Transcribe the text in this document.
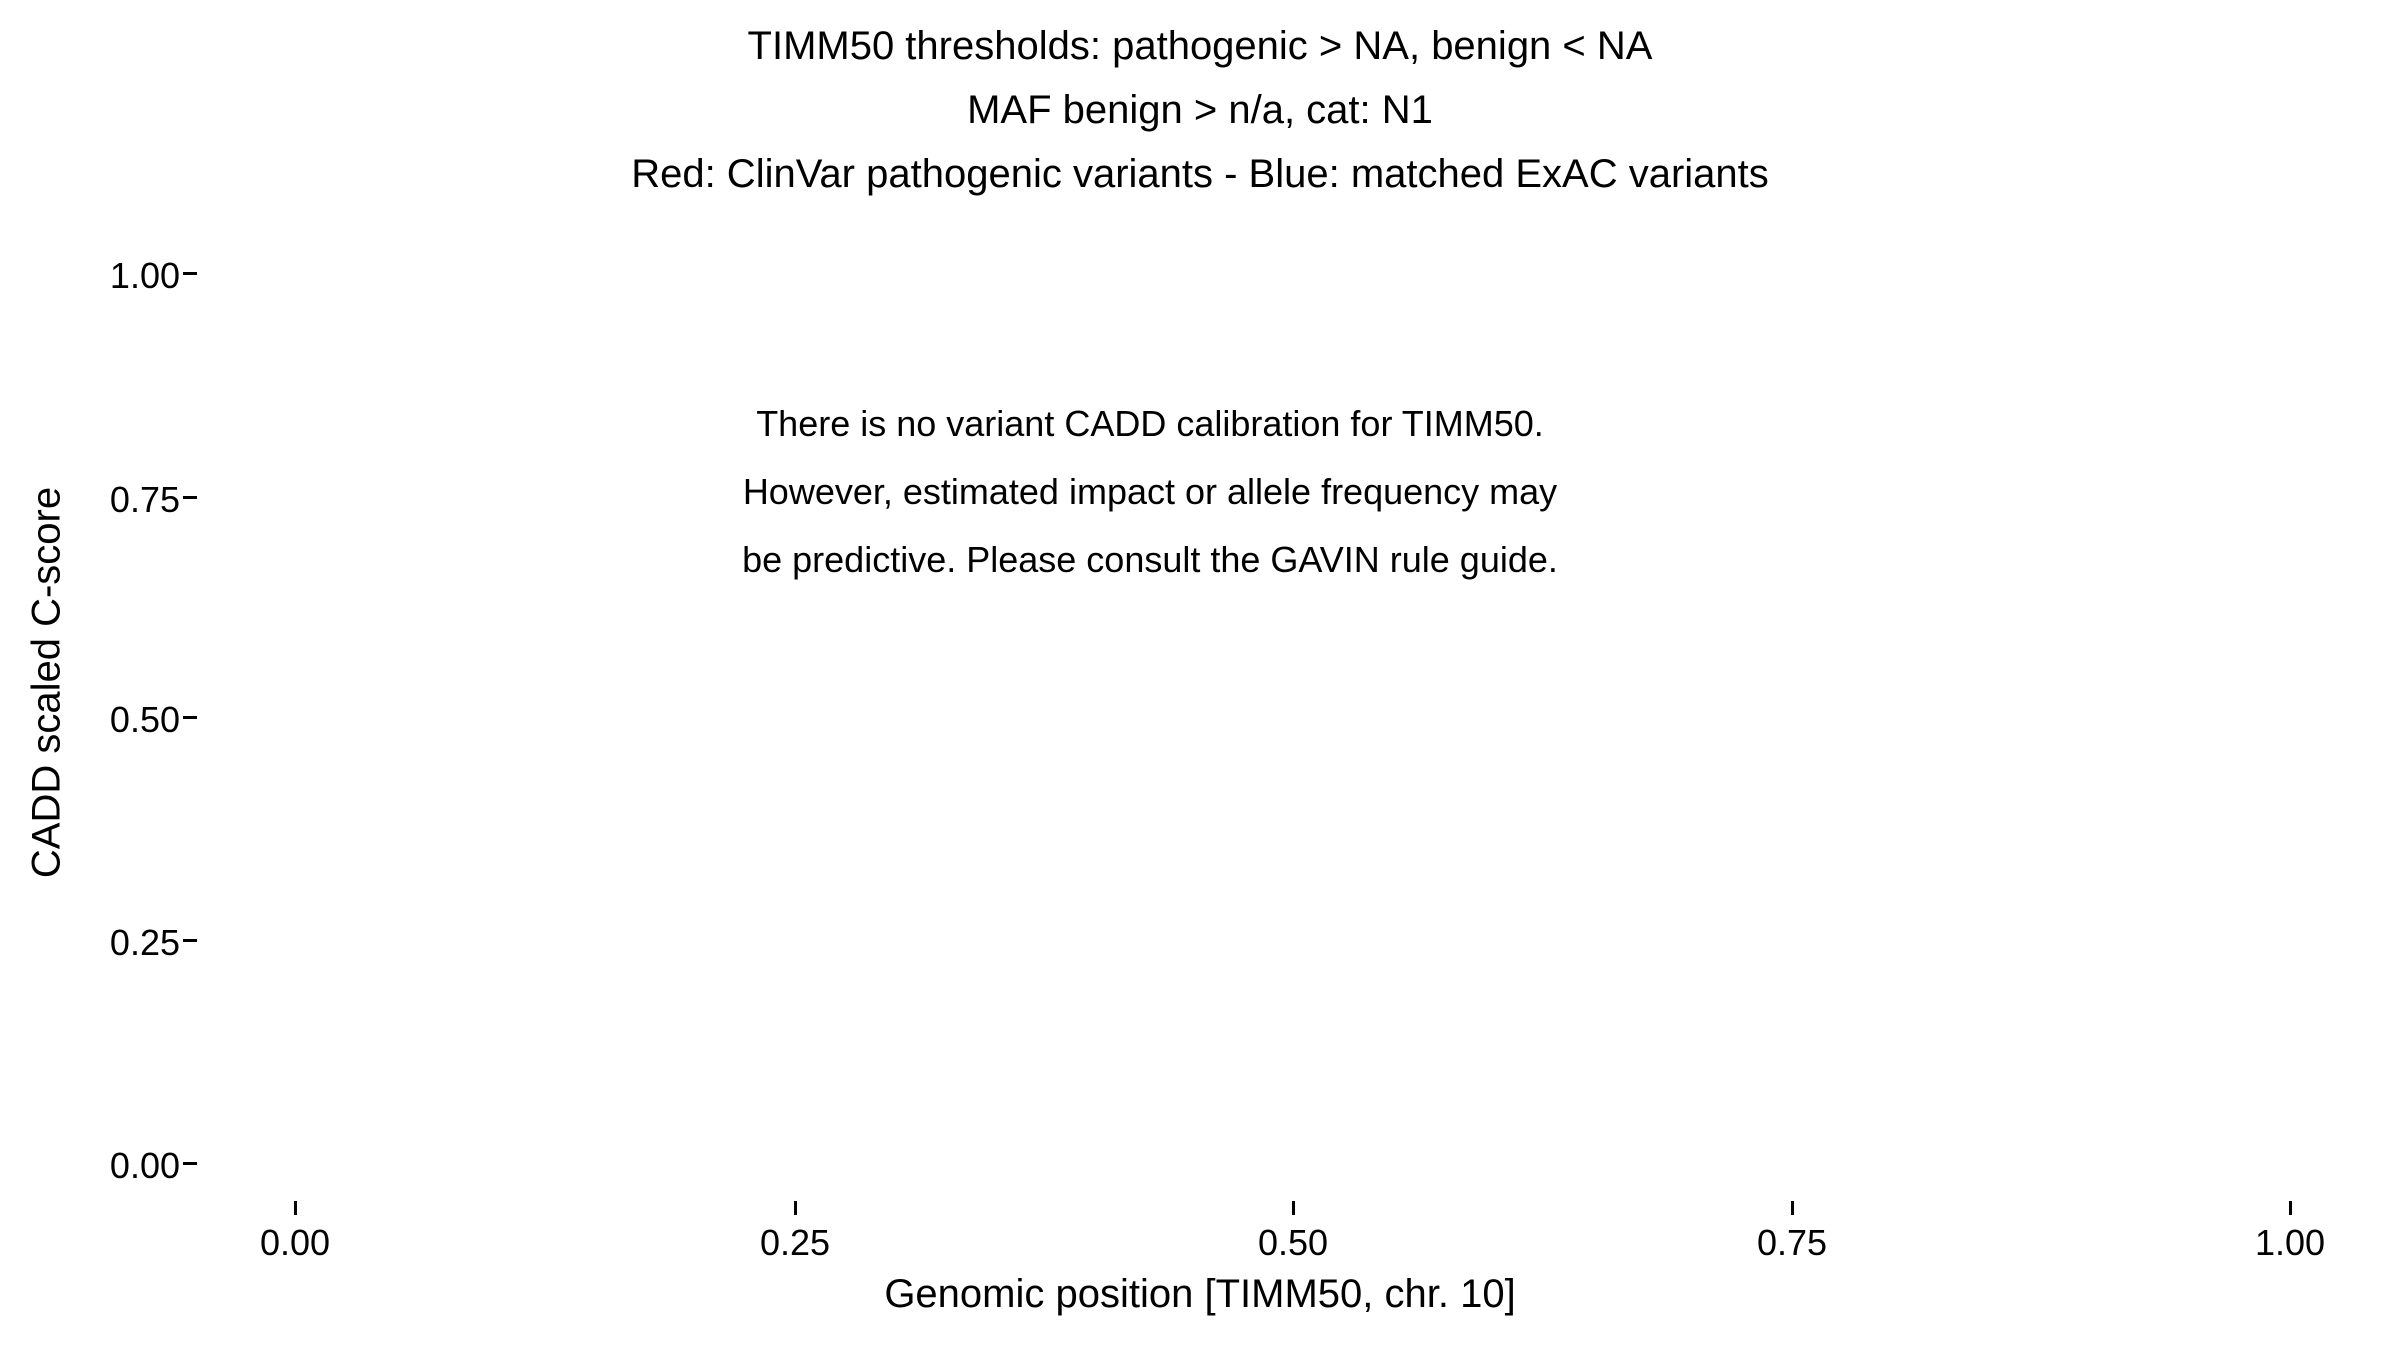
TIMM50 thresholds: pathogenic > NA, benign < NA
MAF benign > n/a, cat: N1
Red: ClinVar pathogenic variants - Blue: matched ExAC variants
CADD scaled C-score
Genomic position [TIMM50, chr. 10]
1.00
0.75
0.50
0.25
0.00
0.00	0.25	0.50	0.75	1.00
There is no variant CADD calibration for TIMM50.
However, estimated impact or allele frequency may
be predictive. Please consult the GAVIN rule guide.
